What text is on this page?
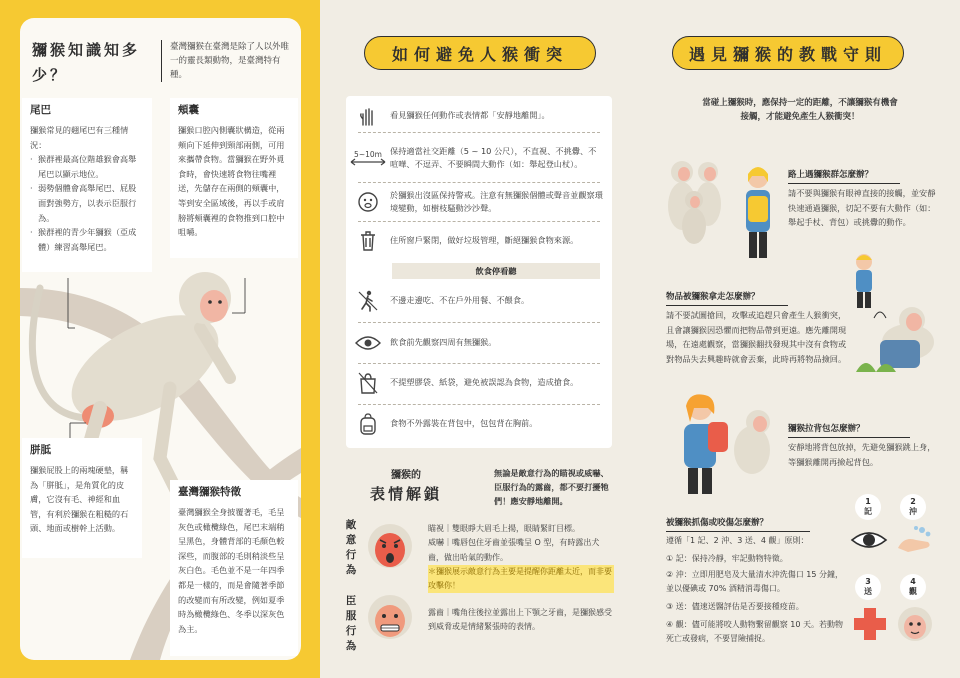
獼猴知識知多少？
臺灣獼猴在臺灣是除了人以外唯一的靈長類動物，是臺灣特有種。
尾巴

獼猴常見的翹尾巴有三種情況：

· 猴群裡最高位階雄猴會高舉尾巴以顯示地位。
· 弱勢個體會高舉尾巴、屁股面對強勢方，以表示臣服行為。
· 猴群裡的青少年獼猴（亞成體）練習高舉尾巴。
頰囊

獼猴口腔內側囊狀構造，從兩頰向下延伸到頸部兩側，可用來攜帶食物。當獼猴在野外覓食時，會快速將食物往嘴裡送，先儲存在兩側的頰囊中，等到安全區域後，再以手或肩膀將頰囊裡的食物推到口腔中咀嚼。

胼胝

獼猴屁股上的兩塊硬墊，稱為「胼胝」，是角質化的皮膚，它沒有毛、神經和血管，有利於獼猴在粗糙的石頭、地面或樹幹上活動。

臺灣獼猴特徵

臺灣獼猴全身披覆著毛，毛呈灰色或橄欖綠色，尾巴末端稍呈黑色，身體背部的毛顏色較深些，而腹部的毛則稍淡些呈灰白色。毛色並不是一年四季都是一樣的，而是會隨著季節的改變而有所改變，例如夏季時為橄欖綠色、冬季以深灰色為主。

如何避免人猴衝突
看見獼猴任何動作或表情都「安靜地離開」。
5~10m 保持適當社交距離（5 ~ 10 公尺），不直視、不挑釁、不喧嘩、不逗弄、不要瞬間大動作（如：舉起登山杖）。
於獼猴出沒區保持警戒。注意有無獼猴個體或聲音並觀察環境變動，如樹枝騷動沙沙聲。
住所窗戶緊閉，做好垃圾管理，斷絕獼猴食物來源。
飲食停看聽
不邊走邊吃、不在戶外用餐、不餵食。
飲食前先觀察四周有無獼猴。
不提塑膠袋、紙袋，避免被誤認為食物，造成搶食。
食物不外露裝在背包中，包包背在胸前。
獼猴的
表情解鎖
無論是敵意行為的瞄視或威嚇、臣服行為的露齒，都不要打擾牠們！應安靜地離開。
敵意行為
瞄視｜雙眼睜大眉毛上揚，眼睛緊盯目標。
威嚇｜嘴唇包住牙齒並張嘴呈 O 型，有時露出犬齒，做出哈氣的動作。
＊獼猴展示敵意行為主要是提醒你距離太近，而非要攻擊你！
臣服行為
露齒｜嘴角往後拉並露出上下顎之牙齒，是獼猴感受到威脅或是情緒緊張時的表情。
遇見獼猴的教戰守則
當碰上獼猴時，應保持一定的距離，不讓獼猴有機會接觸，才能避免產生人猴衝突！
路上遇獼猴群怎麼辦？
請不要與獼猴有眼神直接的接觸，並安靜快速通過獼猴，切記不要有大動作（如：舉起手杖、背包）或挑釁的動作。
物品被獼猴拿走怎麼辦？
請不要試圖搶回，攻擊或追趕只會產生人猴衝突，且會讓獼猴因恐懼而把物品帶到更遠。應先離開現場，在遠處觀察，當獼猴翻找發現其中沒有食物或對物品失去興趣時就會丟棄，此時再將物品撿回。
獼猴拉背包怎麼辦？
安靜地將背包放掉，先避免獼猴跳上身，等獼猴離開再撿起背包。
被獼猴抓傷或咬傷怎麼辦？
遵循「1 記、2 沖、3 送、4 觀」原則：
① 記：保持冷靜，牢記動物特徵。
② 沖：立即用肥皂及大量清水沖洗傷口 15 分鐘，並以優碘或 70% 酒精消毒傷口。
③ 送：儘速送醫評估是否要接種疫苗。
④ 觀：儘可能將咬人動物繫留觀察 10 天。若動物死亡或發病，不要冒險捕捉。
1
記
2
沖
3
送
4
觀
